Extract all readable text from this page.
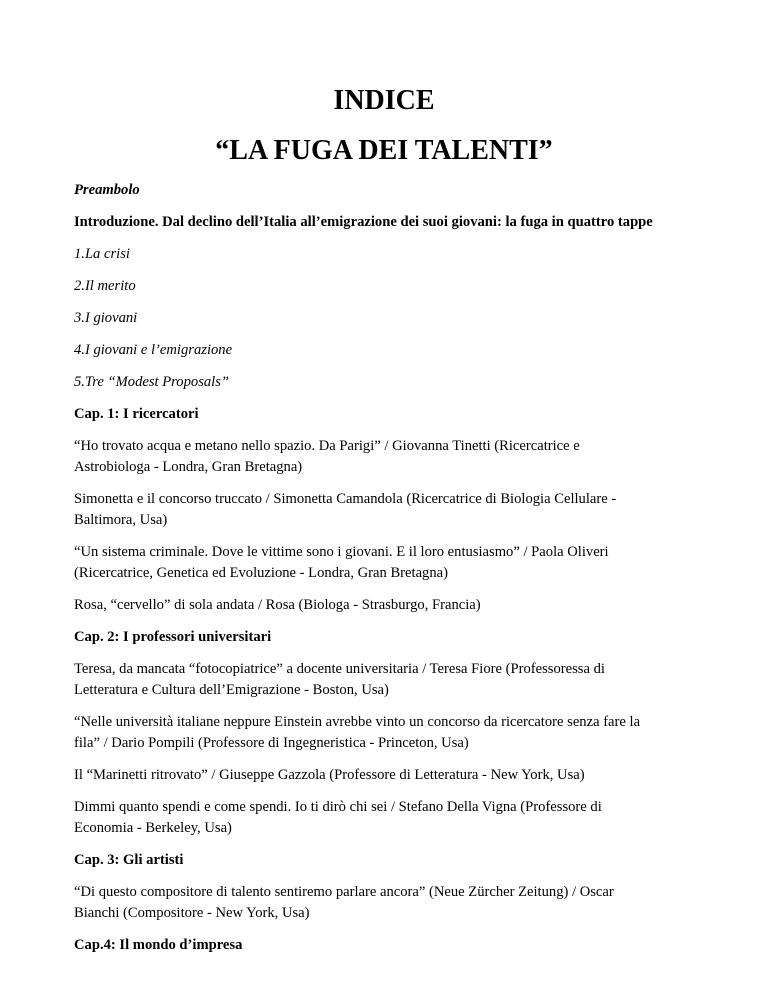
INDICE
“LA FUGA DEI TALENTI”
Preambolo
Introduzione. Dal declino dell’Italia all’emigrazione dei suoi giovani: la fuga in quattro tappe
1.La crisi
2.Il merito
3.I giovani
4.I giovani e l’emigrazione
5.Tre “Modest Proposals”
Cap. 1: I ricercatori
“Ho trovato acqua e metano nello spazio. Da Parigi” / Giovanna Tinetti (Ricercatrice e
Astrobiologa - Londra, Gran Bretagna)
Simonetta e il concorso truccato / Simonetta Camandola (Ricercatrice di Biologia Cellulare -
Baltimora, Usa)
“Un sistema criminale. Dove le vittime sono i giovani. E il loro entusiasmo” / Paola Oliveri
(Ricercatrice, Genetica ed Evoluzione - Londra, Gran Bretagna)
Rosa, “cervello” di sola andata / Rosa (Biologa - Strasburgo, Francia)
Cap. 2: I professori universitari
Teresa, da mancata “fotocopiatrice” a docente universitaria / Teresa Fiore (Professoressa di
Letteratura e Cultura dell’Emigrazione - Boston, Usa)
“Nelle università italiane neppure Einstein avrebbe vinto un concorso da ricercatore senza fare la
fila” / Dario Pompili (Professore di Ingegneristica - Princeton, Usa)
Il “Marinetti ritrovato” / Giuseppe Gazzola (Professore di Letteratura - New York, Usa)
Dimmi quanto spendi e come spendi. Io ti dirò chi sei / Stefano Della Vigna (Professore di
Economia - Berkeley, Usa)
Cap. 3: Gli artisti
“Di questo compositore di talento sentiremo parlare ancora” (Neue Zürcher Zeitung) / Oscar
Bianchi (Compositore - New York, Usa)
Cap.4: Il mondo d’impresa
